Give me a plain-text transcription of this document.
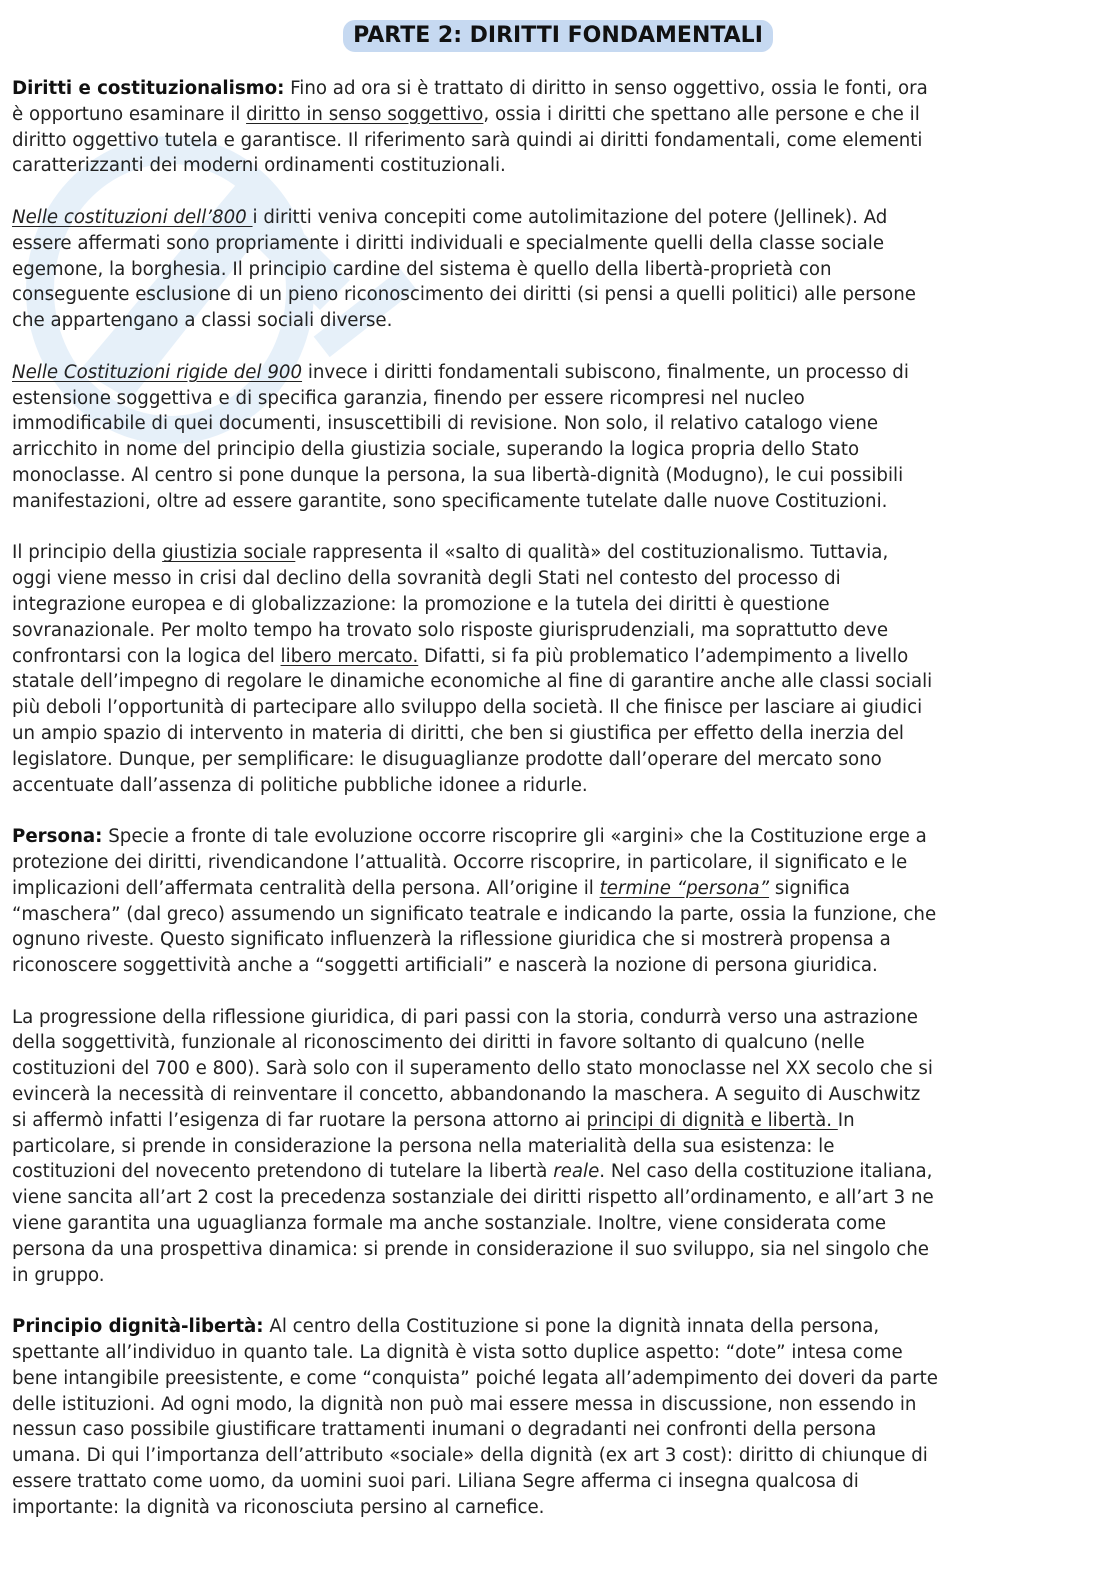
PARTE 2: DIRITTI FONDAMENTALI
Diritti e costituzionalismo: Fino ad ora si è trattato di diritto in senso oggettivo, ossia le fonti, ora
è opportuno esaminare il diritto in senso soggettivo, ossia i diritti che spettano alle persone e che il
diritto oggettivo tutela e garantisce. Il riferimento sarà quindi ai diritti fondamentali, come elementi
caratterizzanti dei moderni ordinamenti costituzionali.
Nelle costituzioni dell’800 i diritti veniva concepiti come autolimitazione del potere (Jellinek). Ad
essere affermati sono propriamente i diritti individuali e specialmente quelli della classe sociale
egemone, la borghesia. Il principio cardine del sistema è quello della libertà-proprietà con
conseguente esclusione di un pieno riconoscimento dei diritti (si pensi a quelli politici) alle persone
che appartengano a classi sociali diverse.
Nelle Costituzioni rigide del 900 invece i diritti fondamentali subiscono, finalmente, un processo di
estensione soggettiva e di specifica garanzia, finendo per essere ricompresi nel nucleo
immodificabile di quei documenti, insuscettibili di revisione. Non solo, il relativo catalogo viene
arricchito in nome del principio della giustizia sociale, superando la logica propria dello Stato
monoclasse. Al centro si pone dunque la persona, la sua libertà-dignità (Modugno), le cui possibili
manifestazioni, oltre ad essere garantite, sono specificamente tutelate dalle nuove Costituzioni.
Il principio della giustizia sociale rappresenta il «salto di qualità» del costituzionalismo. Tuttavia,
oggi viene messo in crisi dal declino della sovranità degli Stati nel contesto del processo di
integrazione europea e di globalizzazione: la promozione e la tutela dei diritti è questione
sovranazionale. Per molto tempo ha trovato solo risposte giurisprudenziali, ma soprattutto deve
confrontarsi con la logica del libero mercato. Difatti, si fa più problematico l’adempimento a livello
statale dell’impegno di regolare le dinamiche economiche al fine di garantire anche alle classi sociali
più deboli l’opportunità di partecipare allo sviluppo della società. Il che finisce per lasciare ai giudici
un ampio spazio di intervento in materia di diritti, che ben si giustifica per effetto della inerzia del
legislatore. Dunque, per semplificare: le disuguaglianze prodotte dall’operare del mercato sono
accentuate dall’assenza di politiche pubbliche idonee a ridurle.
Persona: Specie a fronte di tale evoluzione occorre riscoprire gli «argini» che la Costituzione erge a
protezione dei diritti, rivendicandone l’attualità. Occorre riscoprire, in particolare, il significato e le
implicazioni dell’affermata centralità della persona. All’origine il termine “persona” significa
“maschera” (dal greco) assumendo un significato teatrale e indicando la parte, ossia la funzione, che
ognuno riveste. Questo significato influenzerà la riflessione giuridica che si mostrerà propensa a
riconoscere soggettività anche a “soggetti artificiali” e nascerà la nozione di persona giuridica.
La progressione della riflessione giuridica, di pari passi con la storia, condurrà verso una astrazione
della soggettività, funzionale al riconoscimento dei diritti in favore soltanto di qualcuno (nelle
costituzioni del 700 e 800). Sarà solo con il superamento dello stato monoclasse nel XX secolo che si
evincerà la necessità di reinventare il concetto, abbandonando la maschera. A seguito di Auschwitz
si affermò infatti l’esigenza di far ruotare la persona attorno ai principi di dignità e libertà. In
particolare, si prende in considerazione la persona nella materialità della sua esistenza: le
costituzioni del novecento pretendono di tutelare la libertà reale. Nel caso della costituzione italiana,
viene sancita all’art 2 cost la precedenza sostanziale dei diritti rispetto all’ordinamento, e all’art 3 ne
viene garantita una uguaglianza formale ma anche sostanziale. Inoltre, viene considerata come
persona da una prospettiva dinamica: si prende in considerazione il suo sviluppo, sia nel singolo che
in gruppo.
Principio dignità-libertà: Al centro della Costituzione si pone la dignità innata della persona,
spettante all’individuo in quanto tale. La dignità è vista sotto duplice aspetto: “dote” intesa come
bene intangibile preesistente, e come “conquista” poiché legata all’adempimento dei doveri da parte
delle istituzioni. Ad ogni modo, la dignità non può mai essere messa in discussione, non essendo in
nessun caso possibile giustificare trattamenti inumani o degradanti nei confronti della persona
umana. Di qui l’importanza dell’attributo «sociale» della dignità (ex art 3 cost): diritto di chiunque di
essere trattato come uomo, da uomini suoi pari. Liliana Segre afferma ci insegna qualcosa di
importante: la dignità va riconosciuta persino al carnefice.
